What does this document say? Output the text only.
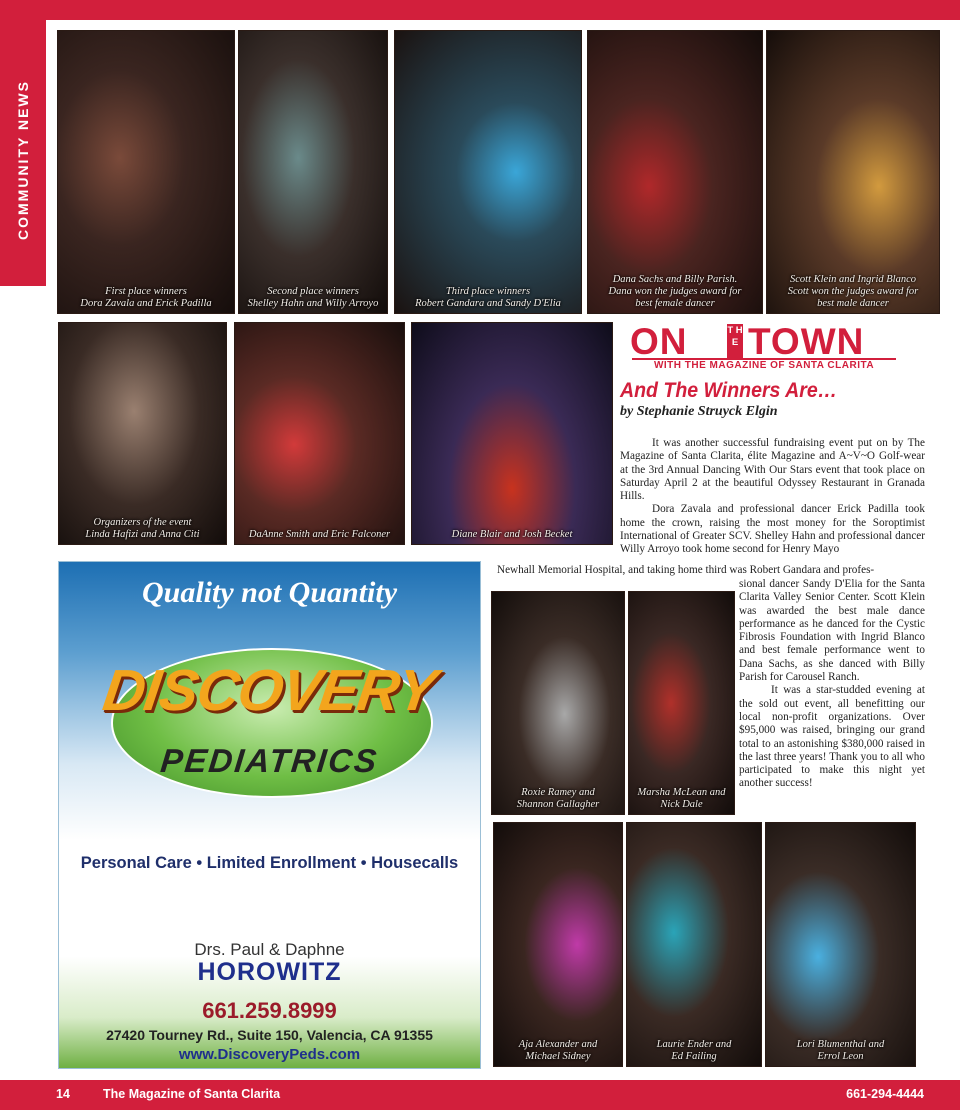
COMMUNITY NEWS
First place winners
Dora Zavala and Erick Padilla
Second place winners
Shelley Hahn and Willy Arroyo
Third place winners
Robert Gandara and Sandy D'Elia
Dana Sachs and Billy Parish.
Dana won the judges award for
best female dancer
Scott Klein and Ingrid Blanco
Scott won the judges award for
best male dancer
Organizers of the event
Linda Hafizi and Anna Citi	DaAnne Smith and Eric Falconer	Diane Blair and Josh Becket
ON	T H E TOWN
WITH THE MAGAZINE OF SANTA CLARITA
And The Winners Are…
by Stephanie Struyck Elgin

It was another successful fundraising event put on by The Magazine of Santa Clarita, élite Magazine and A~V~O Golf-wear at the 3rd Annual Dancing With Our Stars event that took place on Saturday April 2 at the beautiful Odyssey Restaurant in Granada Hills.

Dora Zavala and professional dancer Erick Padilla took home the crown, raising the most money for the Soroptimist International of Greater SCV. Shelley Hahn and professional dancer Willy Arroyo took home second for Henry Mayo

Newhall Memorial Hospital, and taking home third was Robert Gandara and profes-
sional dancer Sandy D'Elia for the Santa Clarita Valley Senior Center. Scott Klein was awarded the best male dance performance as he danced for the Cystic Fibrosis Foundation with Ingrid Blanco and best female performance went to Dana Sachs, as she danced with Billy Parish for Carousel Ranch.

It was a star-studded evening at the sold out event, all benefitting our local non-profit organizations. Over $95,000 was raised, bringing our grand total to an astonishing $380,000 raised in the last three years! Thank you to all who participated to make this night yet another success!

Roxie Ramey and
Shannon Gallagher
Marsha McLean and
Nick Dale
Aja Alexander and
Michael Sidney
Laurie Ender and
Ed Failing
Lori Blumenthal and
Errol Leon
Quality not Quantity
DISCOVERY
PEDIATRICS
Personal Care • Limited Enrollment • Housecalls
Drs. Paul & Daphne
HOROWITZ
661.259.8999
27420 Tourney Rd., Suite 150, Valencia, CA 91355
www.DiscoveryPeds.com
14	The Magazine of Santa Clarita	661-294-4444
